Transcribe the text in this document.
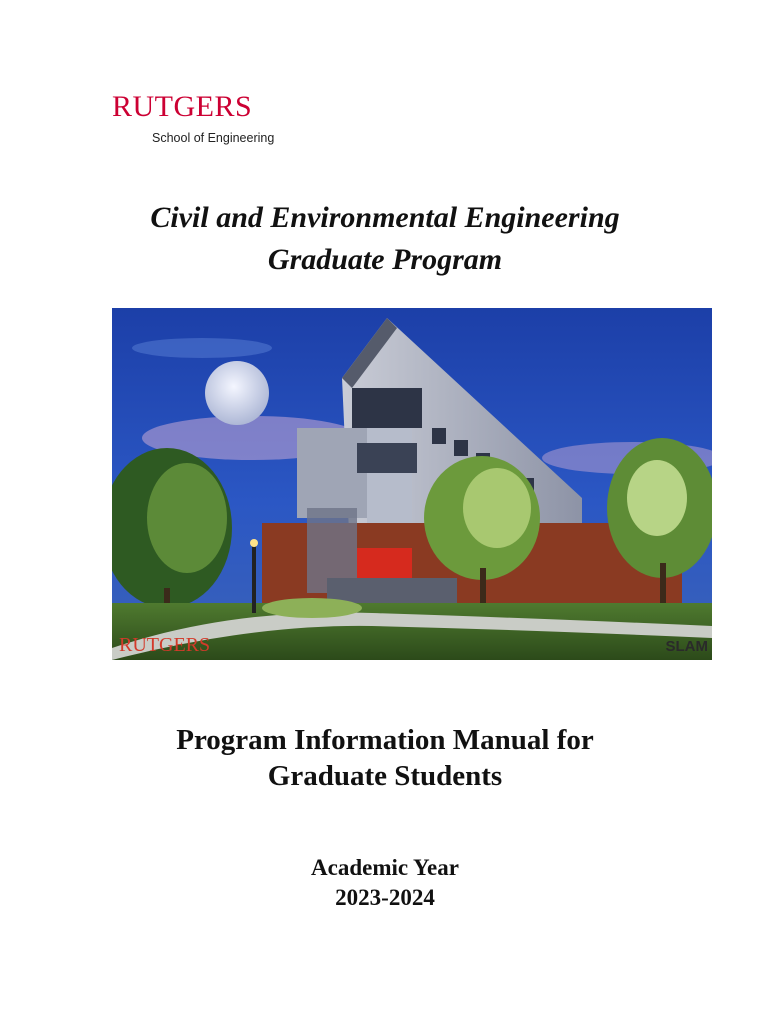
RUTGERS
School of Engineering
Civil and Environmental Engineering
Graduate Program
RUTGERS	SLAM
Program Information Manual for
Graduate Students
Academic Year
2023-2024
